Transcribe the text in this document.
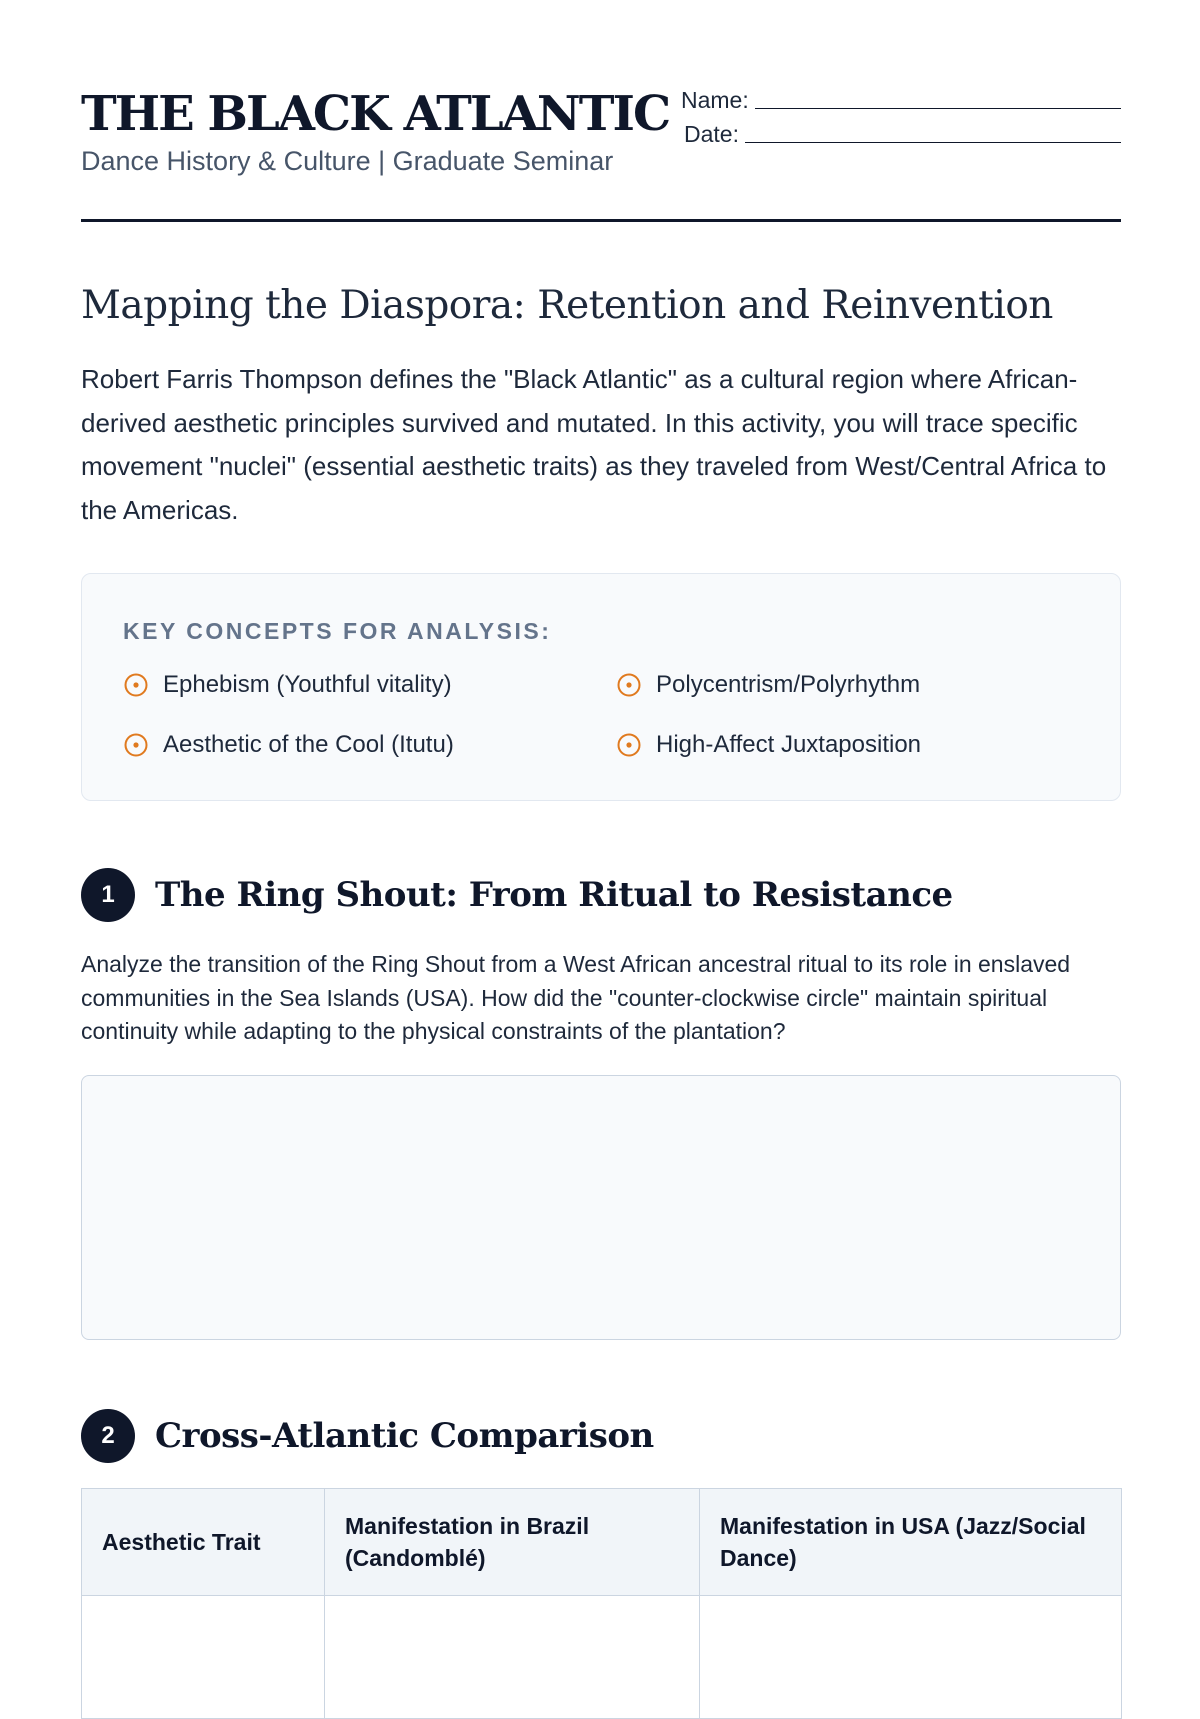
THE BLACK ATLANTIC
Dance History & Culture | Graduate Seminar
Name:
Date:
Mapping the Diaspora: Retention and Reinvention

Robert Farris Thompson defines the "Black Atlantic" as a cultural region where African-derived aesthetic principles survived and mutated. In this activity, you will trace specific movement "nuclei" (essential aesthetic traits) as they traveled from West/Central Africa to the Americas.

KEY CONCEPTS FOR ANALYSIS:
Ephebism (Youthful vitality)	Polycentrism/Polyrhythm
Aesthetic of the Cool (Itutu)	High-Affect Juxtaposition
1	The Ring Shout: From Ritual to Resistance

Analyze the transition of the Ring Shout from a West African ancestral ritual to its role in enslaved communities in the Sea Islands (USA). How did the "counter-clockwise circle" maintain spiritual continuity while adapting to the physical constraints of the plantation?

2	Cross-Atlantic Comparison
Aesthetic Trait	Manifestation in Brazil (Candomblé)	Manifestation in USA (Jazz/Social Dance)
